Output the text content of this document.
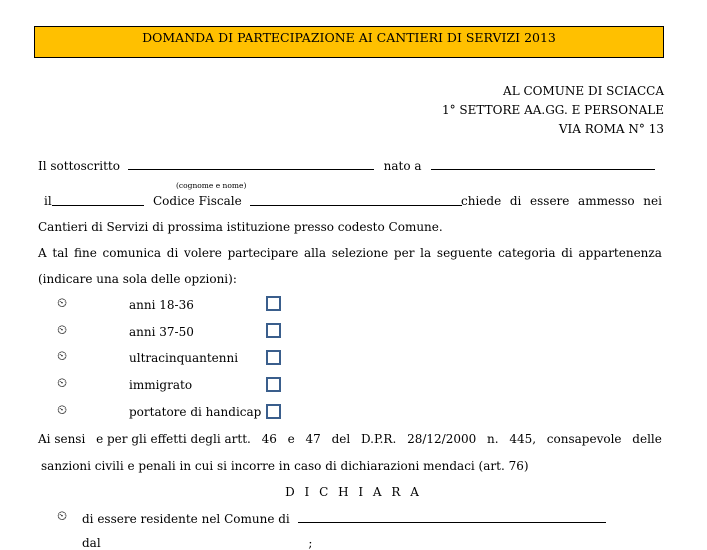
DOMANDA DI PARTECIPAZIONE AI CANTIERI DI SERVIZI 2013
AL COMUNE DI SCIACCA
1° SETTORE AA.GG. E PERSONALE
VIA ROMA N° 13
Il sottoscritto	nato a
(cognome e nome)
il	Codice Fiscale	chiede di essere ammesso nei
Cantieri di Servizi di prossima istituzione presso codesto Comune.
A tal fine comunica di volere partecipare alla selezione per la seguente categoria di appartenenza
(indicare una sola delle opzioni):
⏲	anni 18-36
⏲	anni 37-50
⏲	ultracinquantenni
⏲	immigrato
⏲	portatore di handicap
Ai sensi e per gli effetti degli artt. 46 e 47 del D.P.R. 28/12/2000 n. 445, consapevole delle
sanzioni civili e penali in cui si incorre in caso di dichiarazioni mendaci (art. 76)
D I C H I A R A
⏲ di essere residente nel Comune di
dal	;
